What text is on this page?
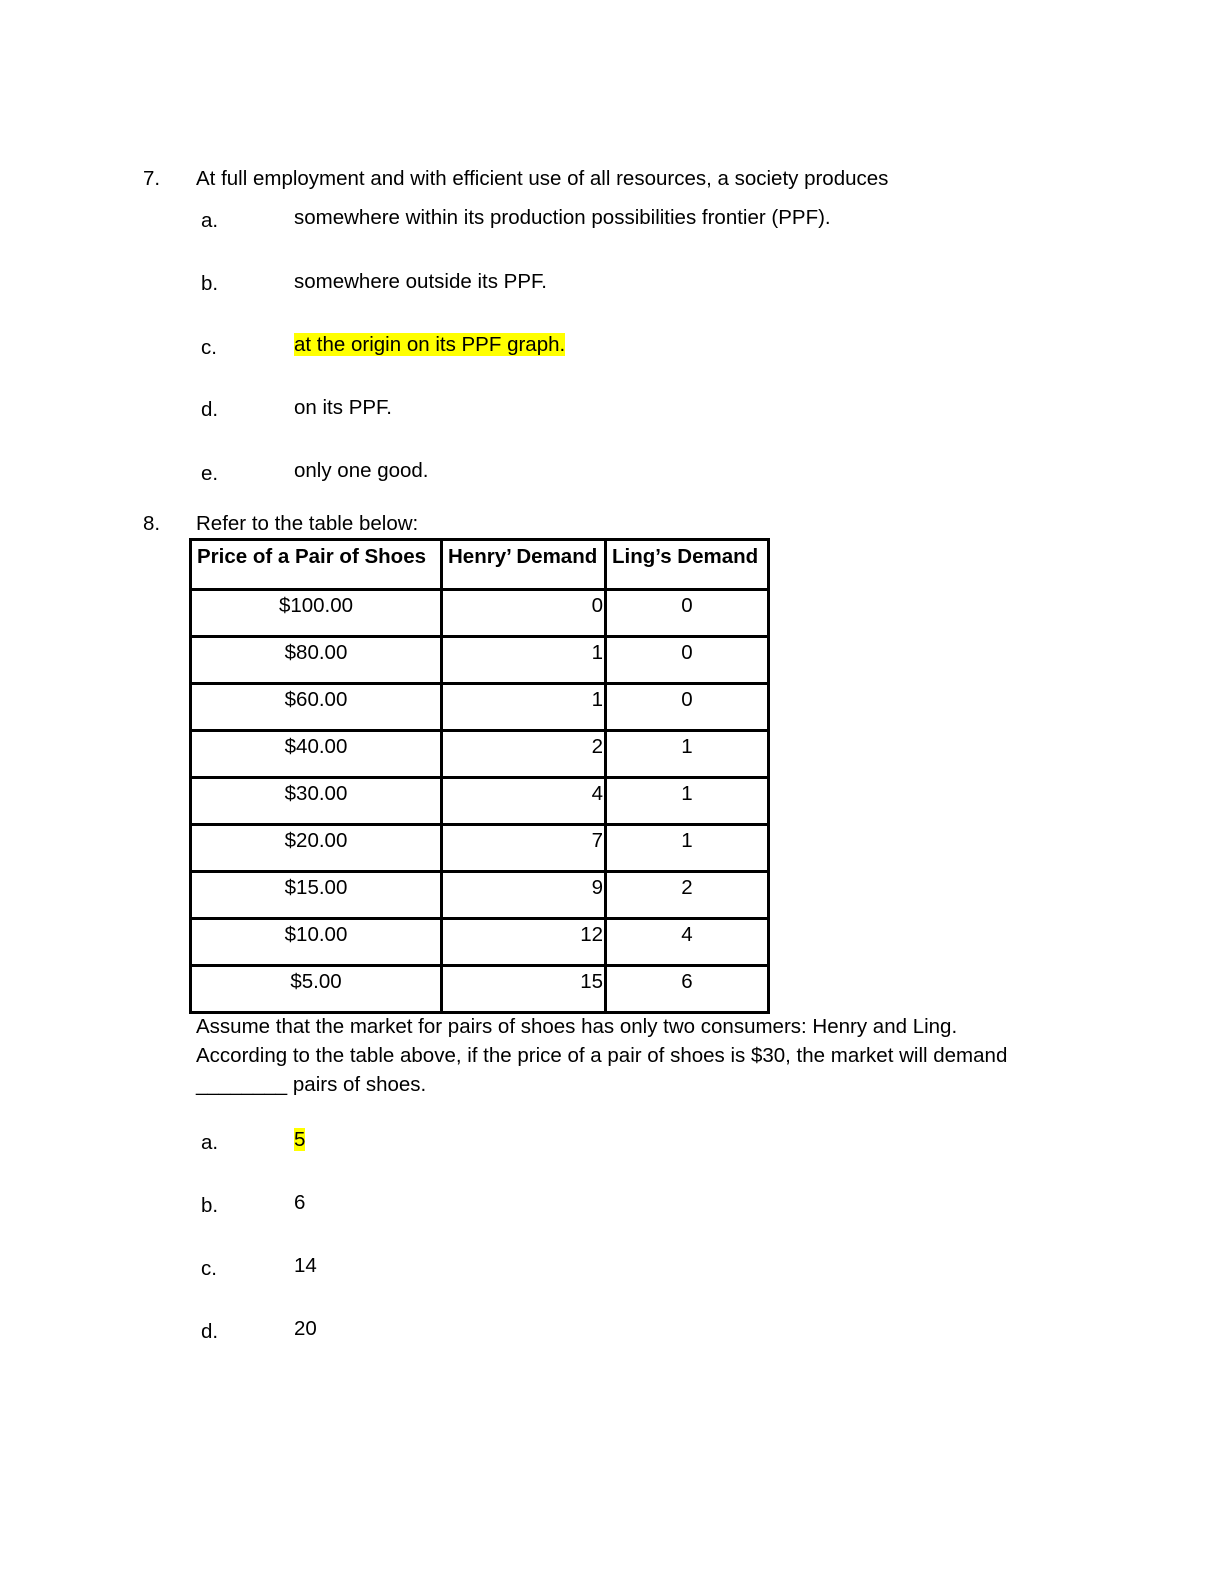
7. At full employment and with efficient use of all resources, a society produces
a.	somewhere within its production possibilities frontier (PPF).
b.	somewhere outside its PPF.
c.	at the origin on its PPF graph.
d.	on its PPF.
e.	only one good.
8. Refer to the table below:
Price of a Pair of Shoes	Henry’ Demand	Ling’s Demand
$100.00	0	0
$80.00	1	0
$60.00	1	0
$40.00	2	1
$30.00	4	1
$20.00	7	1
$15.00	9	2
$10.00	12	4
$5.00	15	6
Assume that the market for pairs of shoes has only two consumers: Henry and Ling.
According to the table above, if the price of a pair of shoes is $30, the market will demand
________ pairs of shoes.
a.	5
b.	6
c.	14
d.	20
